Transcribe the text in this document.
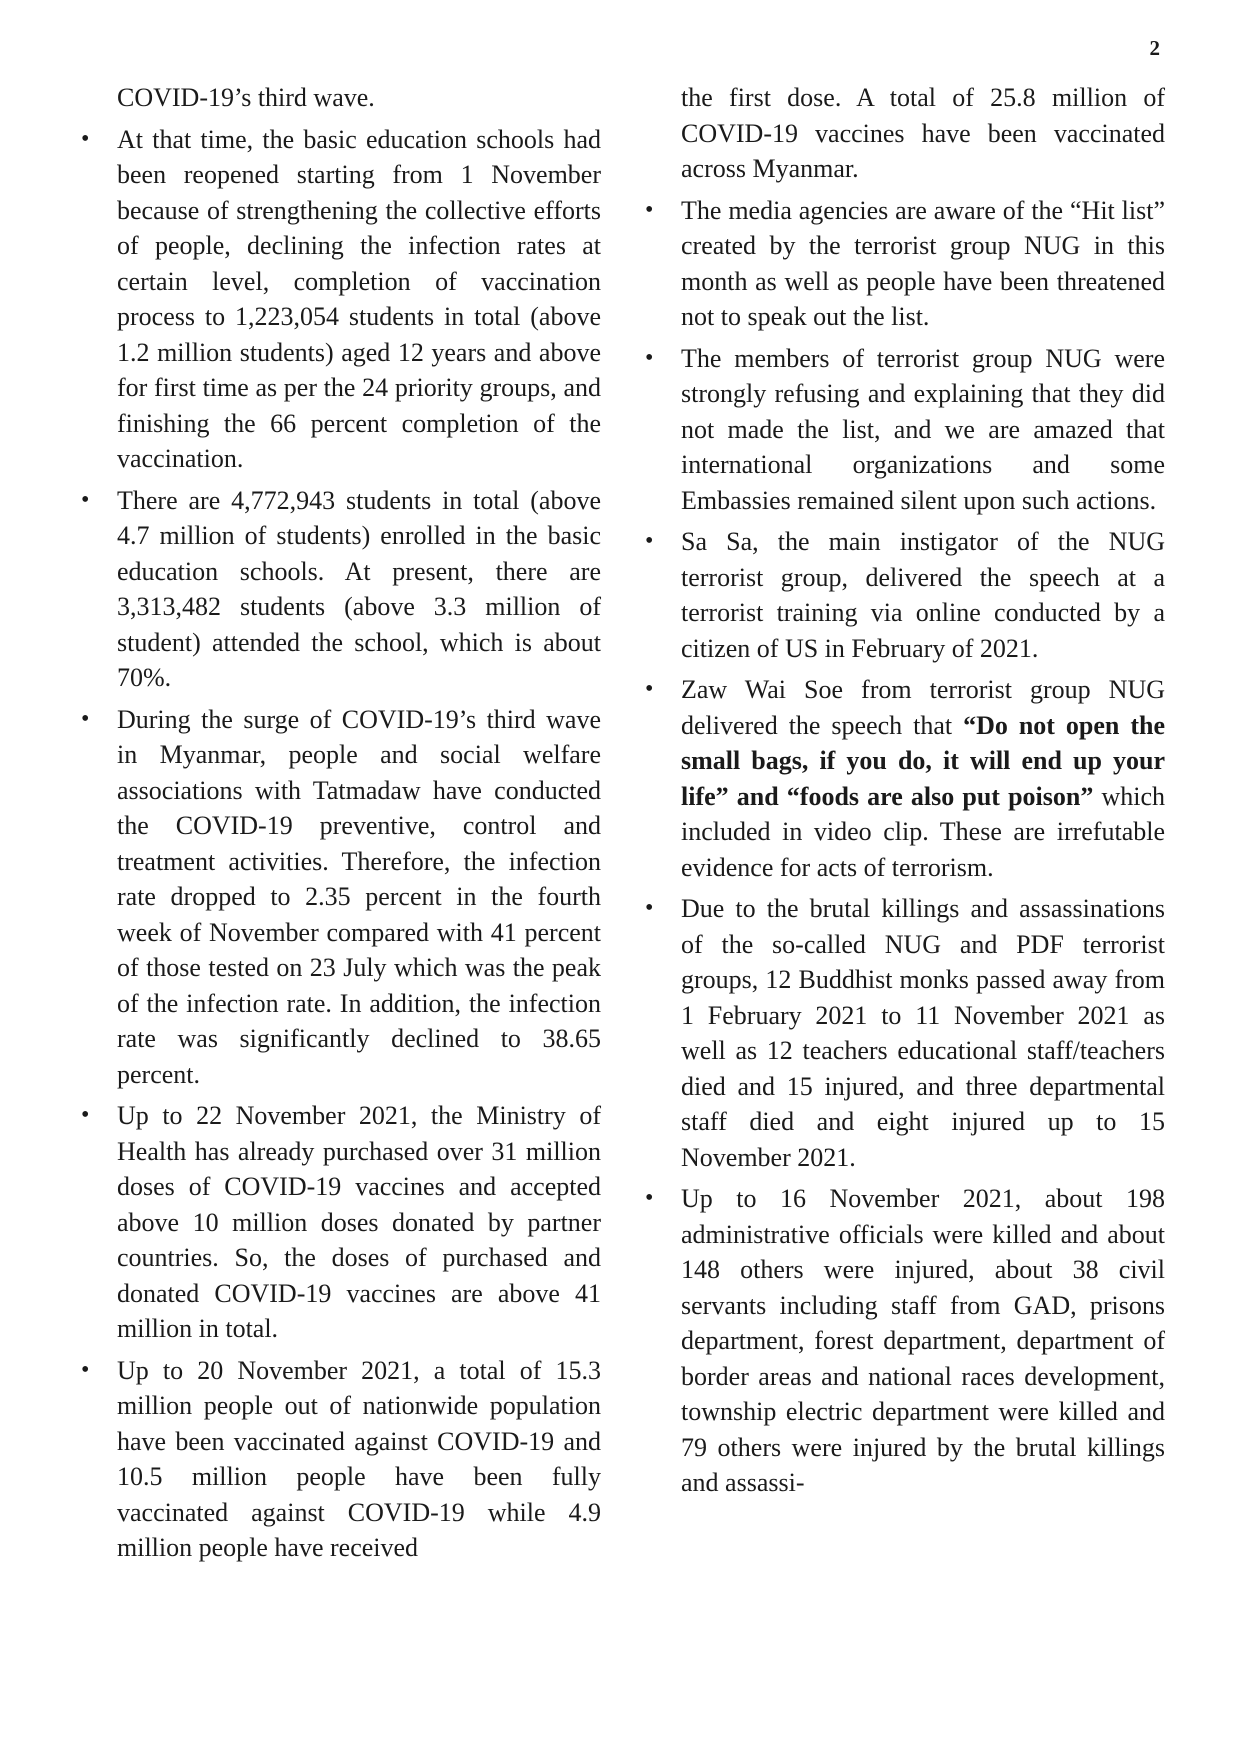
2

COVID-19’s third wave.

• At that time, the basic education schools had been reopened starting from 1 November because of strengthening the collective efforts of people, declining the infection rates at certain level, completion of vaccination process to 1,223,054 students in total (above 1.2 million students) aged 12 years and above for first time as per the 24 priority groups, and finishing the 66 percent completion of the vaccination.
• There are 4,772,943 students in total (above 4.7 million of students) enrolled in the basic education schools. At present, there are 3,313,482 students (above 3.3 million of student) attended the school, which is about 70%.
• During the surge of COVID-19’s third wave in Myanmar, people and social welfare associations with Tatmadaw have conducted the COVID-19 preventive, control and treatment activities. Therefore, the infection rate dropped to 2.35 percent in the fourth week of November compared with 41 percent of those tested on 23 July which was the peak of the infection rate. In addition, the infection rate was significantly declined to 38.65 percent.
• Up to 22 November 2021, the Ministry of Health has already purchased over 31 million doses of COVID-19 vaccines and accepted above 10 million doses donated by partner countries. So, the doses of purchased and donated COVID-19 vaccines are above 41 million in total.
• Up to 20 November 2021, a total of 15.3 million people out of nationwide population have been vaccinated against COVID-19 and 10.5 million people have been fully vaccinated against COVID-19 while 4.9 million people have received

the first dose. A total of 25.8 million of COVID-19 vaccines have been vaccinated across Myanmar.

• The media agencies are aware of the “Hit list” created by the terrorist group NUG in this month as well as people have been threatened not to speak out the list.
• The members of terrorist group NUG were strongly refusing and explaining that they did not made the list, and we are amazed that international organizations and some Embassies remained silent upon such actions.
• Sa Sa, the main instigator of the NUG terrorist group, delivered the speech at a terrorist training via online conducted by a citizen of US in February of 2021.
• Zaw Wai Soe from terrorist group NUG delivered the speech that “Do not open the small bags, if you do, it will end up your life” and “foods are also put poison” which included in video clip. These are irrefutable evidence for acts of terrorism.
• Due to the brutal killings and assassinations of the so-called NUG and PDF terrorist groups, 12 Buddhist monks passed away from 1 February 2021 to 11 November 2021 as well as 12 teachers educational staff/teachers died and 15 injured, and three departmental staff died and eight injured up to 15 November 2021.
• Up to 16 November 2021, about 198 administrative officials were killed and about 148 others were injured, about 38 civil servants including staff from GAD, prisons department, forest department, department of border areas and national races development, township electric department were killed and 79 others were injured by the brutal killings and assassi-
